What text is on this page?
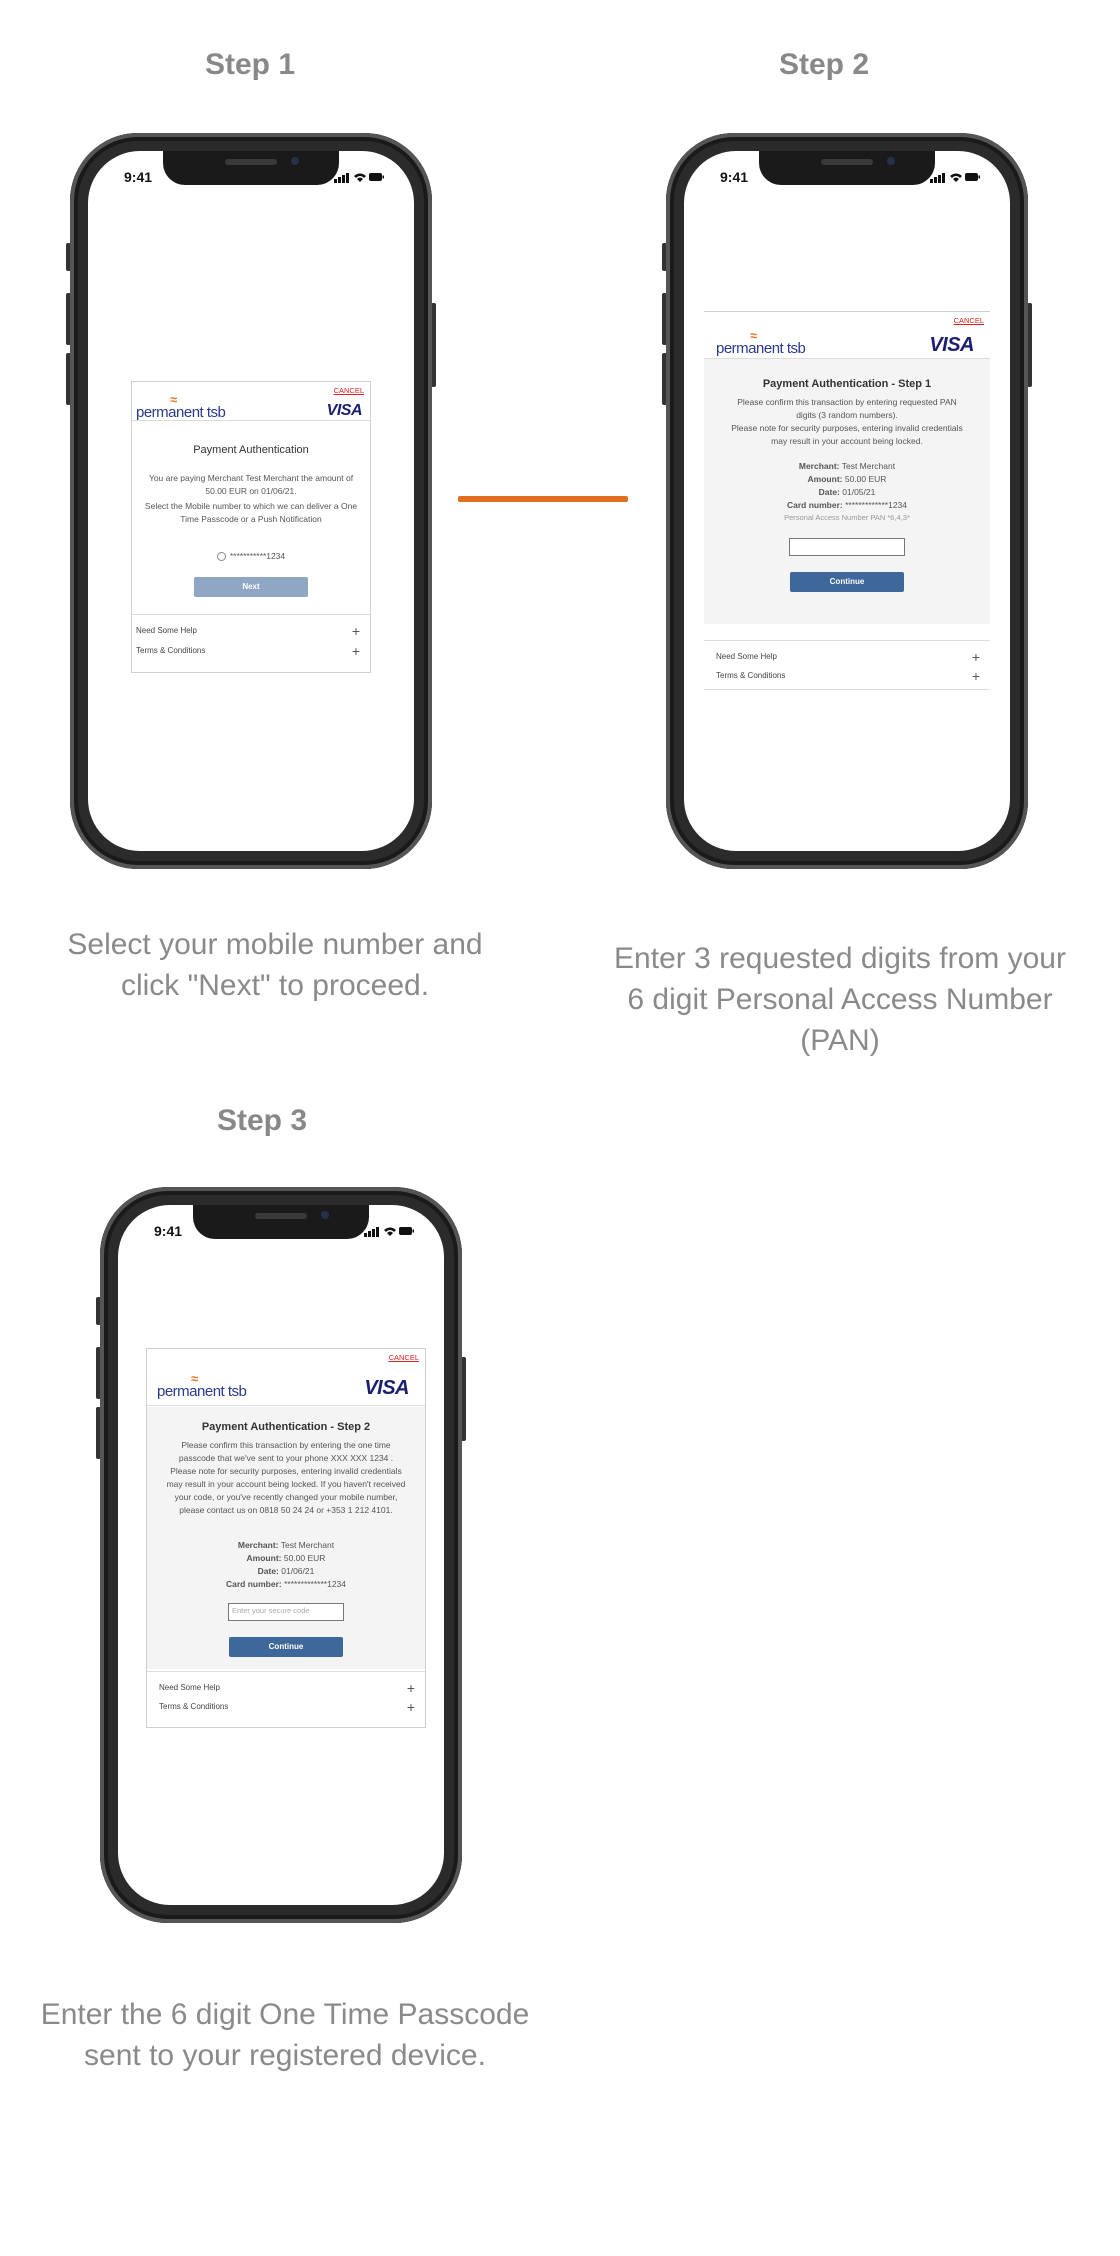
Step 1
9:41
CANCEL
≈
permanent tsb	VISA
Payment Authentication
You are paying Merchant Test Merchant the amount of 50.00 EUR on 01/06/21.
Select the Mobile number to which we can deliver a One Time Passcode or a Push Notification
***********1234
Next
Need Some Help	+
Terms & Conditions	+
Step 2
9:41
CANCEL
≈
permanent tsb	VISA
Payment Authentication - Step 1
Please confirm this transaction by entering requested PAN digits (3 random numbers).
Please note for security purposes, entering invalid credentials may result in your account being locked.
Merchant: Test Merchant
Amount: 50.00 EUR
Date: 01/05/21
Card number: *************1234
Personal Access Number PAN *6,4,3*
Continue
Need Some Help	+
Terms & Conditions	+
Select your mobile number and click "Next" to proceed.
Enter 3 requested digits from your 6 digit Personal Access Number (PAN)
Step 3
9:41
CANCEL
≈
permanent tsb	VISA
Payment Authentication - Step 2
Please confirm this transaction by entering the one time passcode that we've sent to your phone XXX XXX 1234 . Please note for security purposes, entering invalid credentials may result in your account being locked. If you haven't received your code, or you've recently changed your mobile number, please contact us on 0818 50 24 24 or +353 1 212 4101.
Merchant: Test Merchant
Amount: 50.00 EUR
Date: 01/06/21
Card number: *************1234
Enter your secure code
Continue
Need Some Help	+
Terms & Conditions	+
Enter the 6 digit One Time Passcode sent to your registered device.
